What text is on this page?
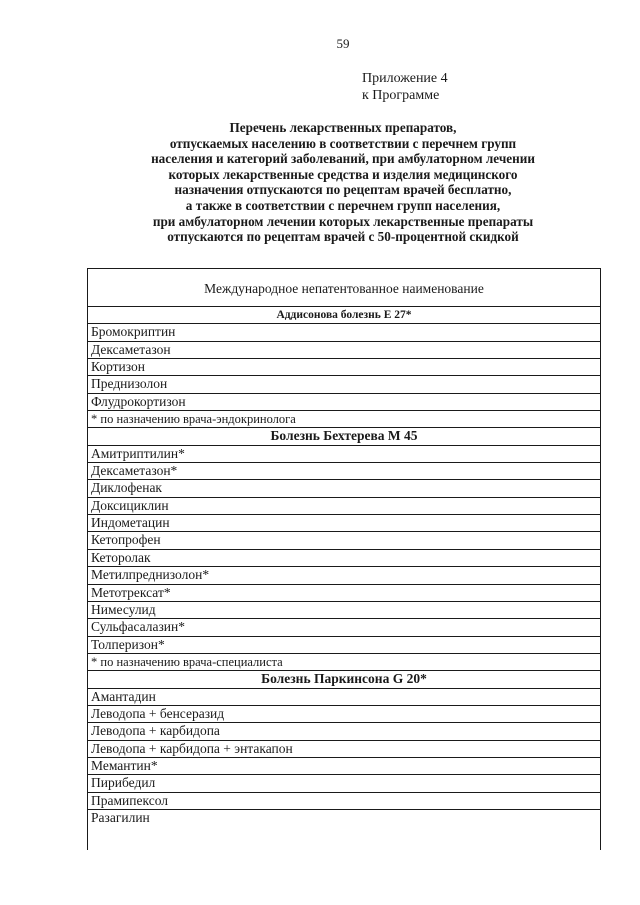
59
Приложение 4
к Программе
Перечень лекарственных препаратов,
отпускаемых населению в соответствии с перечнем групп
населения и категорий заболеваний, при амбулаторном лечении
которых лекарственные средства и изделия медицинского
назначения отпускаются по рецептам врачей бесплатно,
а также в соответствии с перечнем групп населения,
при амбулаторном лечении которых лекарственные препараты
отпускаются по рецептам врачей с 50-процентной скидкой
Международное непатентованное наименование
Аддисонова болезнь Е 27*
Бромокриптин
Дексаметазон
Кортизон
Преднизолон
Флудрокортизон
* по назначению врача-эндокринолога
Болезнь Бехтерева М 45
Амитриптилин*
Дексаметазон*
Диклофенак
Доксициклин
Индометацин
Кетопрофен
Кеторолак
Метилпреднизолон*
Метотрексат*
Нимесулид
Сульфасалазин*
Толперизон*
* по назначению врача-специалиста
Болезнь Паркинсона G 20*
Амантадин
Леводопа + бенсеразид
Леводопа + карбидопа
Леводопа + карбидопа + энтакапон
Мемантин*
Пирибедил
Прамипексол
Разагилин
